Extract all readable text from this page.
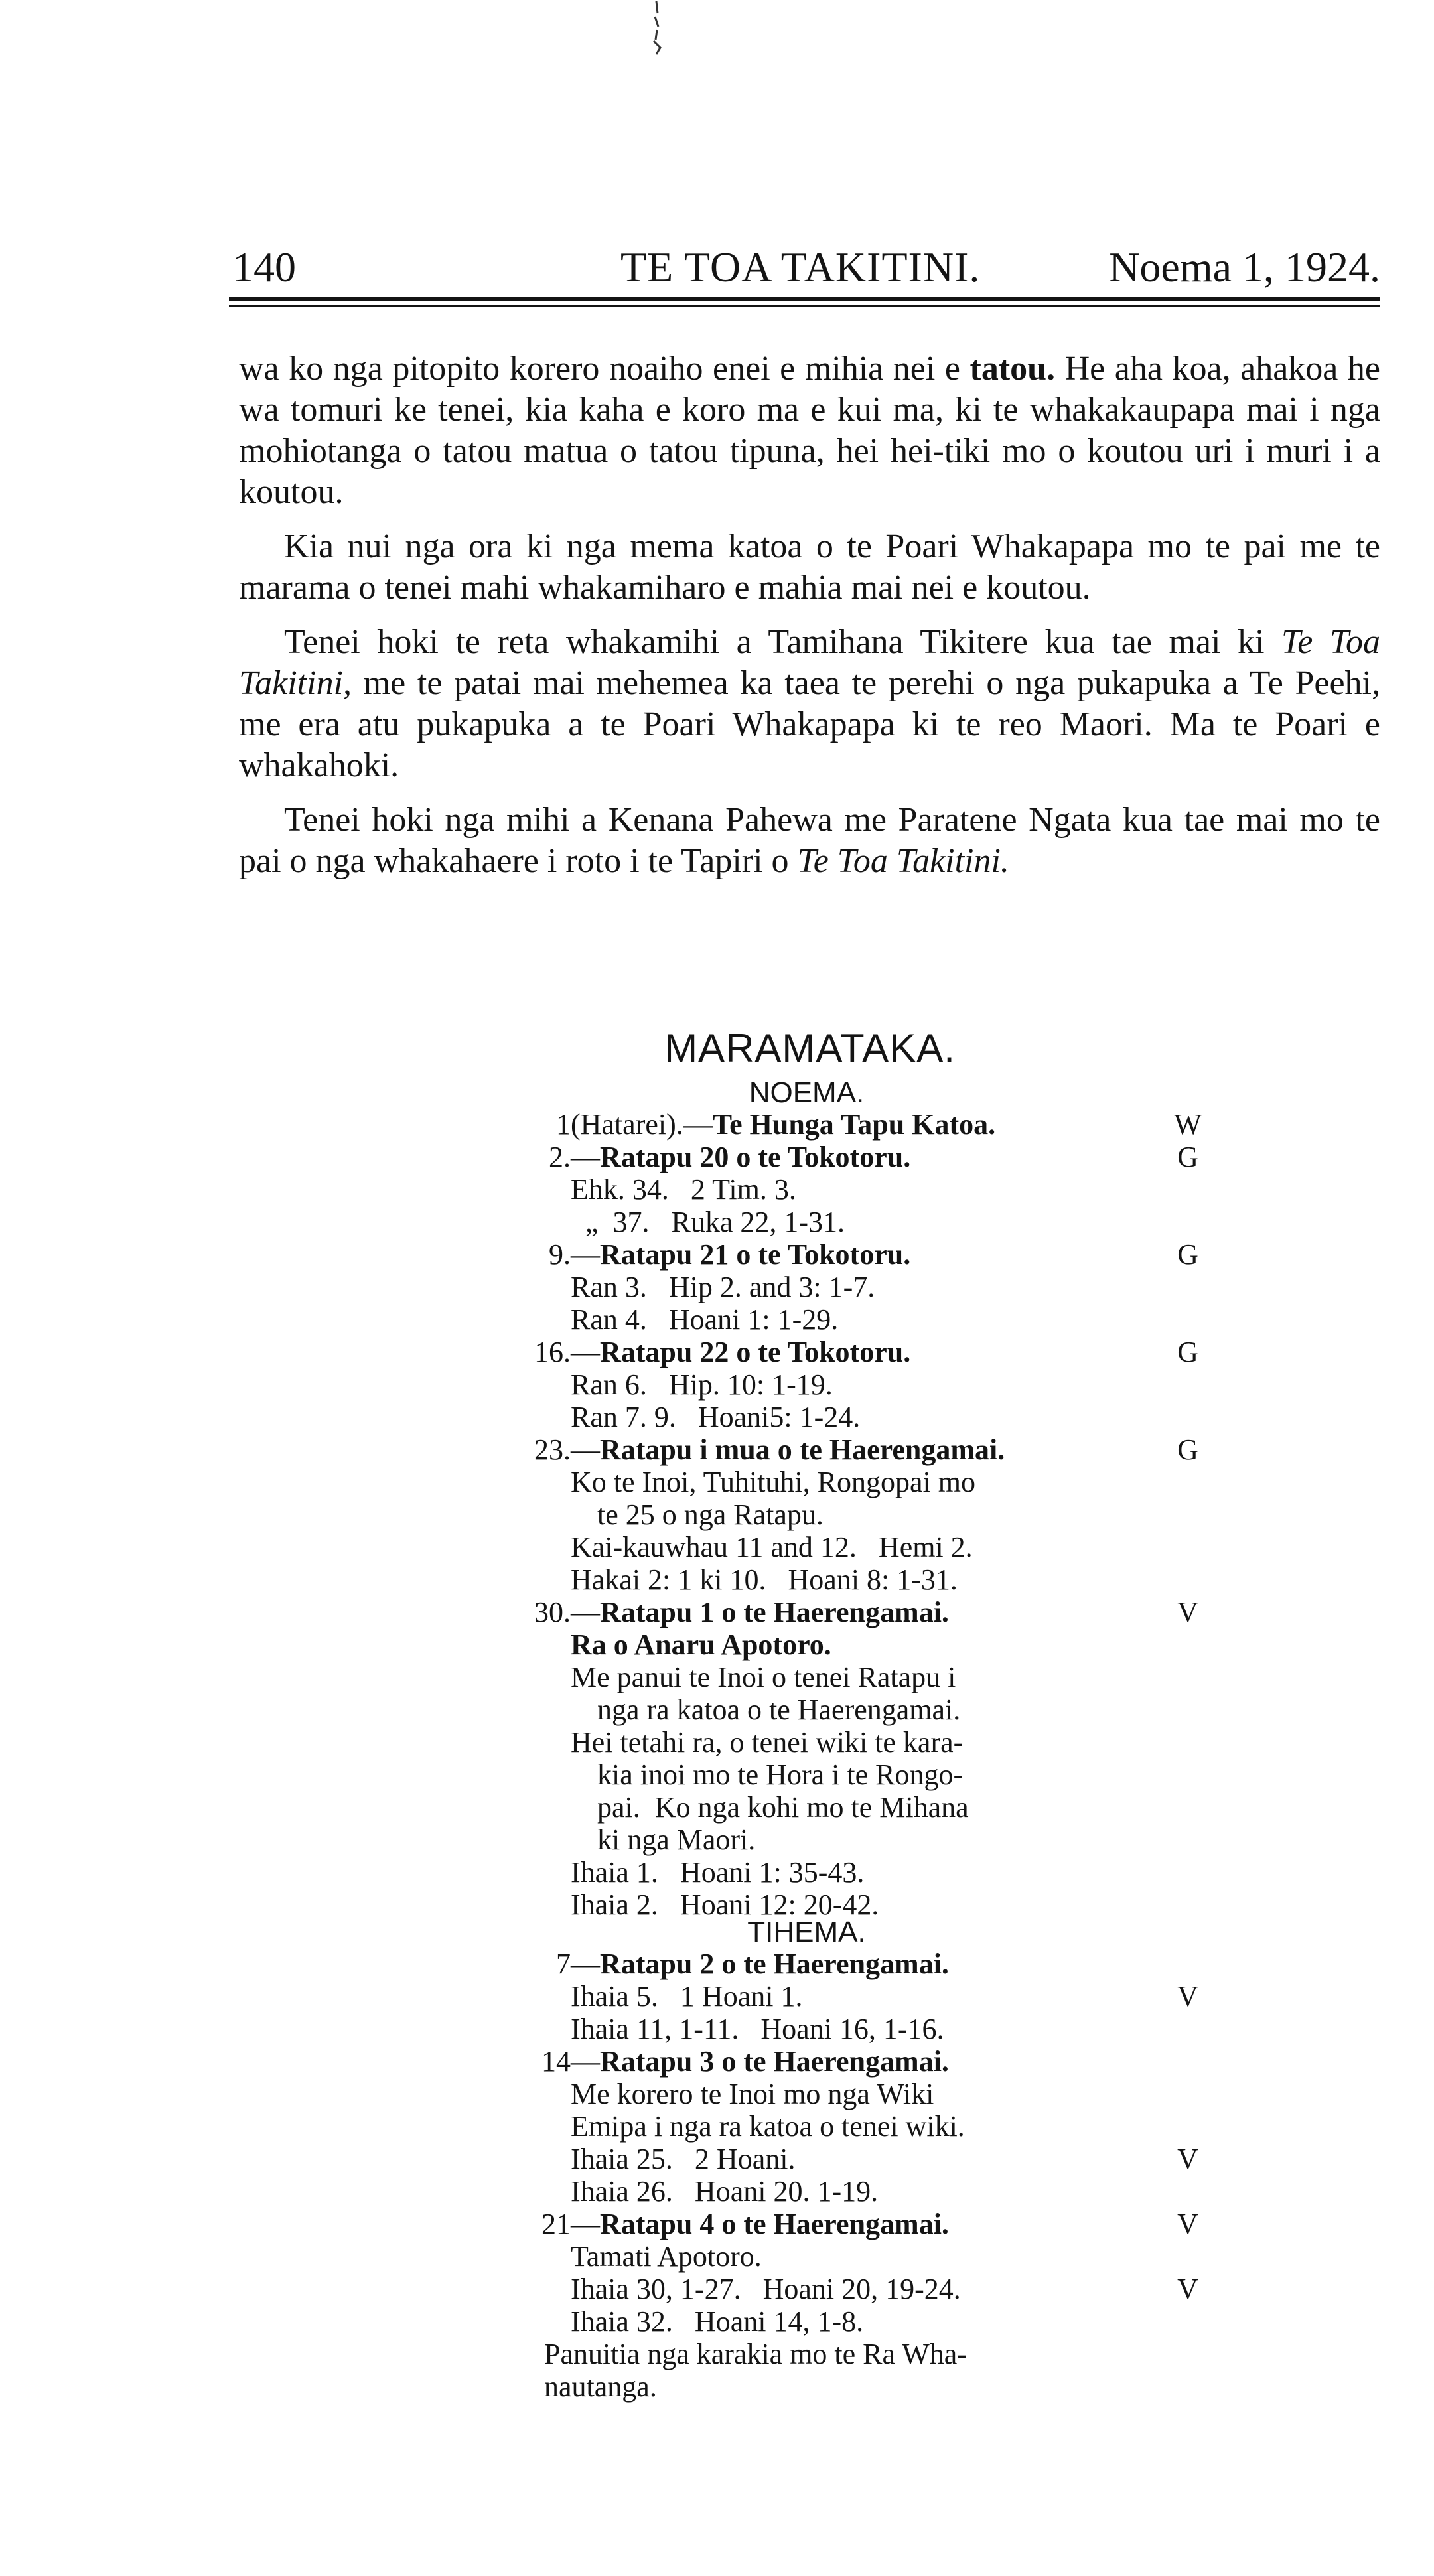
140	TE TOA TAKITINI.	Noema 1, 1924.

wa ko nga pitopito korero noaiho enei e mihia nei e tatou. He aha koa, ahakoa he wa tomuri ke tenei, kia kaha e koro ma e kui ma, ki te whakakaupapa mai i nga mohiotanga o tatou matua o tatou tipuna, hei hei-tiki mo o koutou uri i muri i a koutou.

Kia nui nga ora ki nga mema katoa o te Poari Whakapapa mo te pai me te marama o tenei mahi whakamiharo e mahia mai nei e koutou.

Tenei hoki te reta whakamihi a Tamihana Tikitere kua tae mai ki Te Toa Takitini, me te patai mai mehemea ka taea te perehi o nga pukapuka a Te Peehi, me era atu pukapuka a te Poari Whakapapa ki te reo Maori. Ma te Poari e whakahoki.

Tenei hoki nga mihi a Kenana Pahewa me Paratene Ngata kua tae mai mo te pai o nga whakahaere i roto i te Tapiri o Te Toa Takitini.

MARAMATAKA.
NOEMA.
1 (Hatarei).—Te Hunga Tapu Katoa.	W
2. —Ratapu 20 o te Tokotoru.	G
Ehk. 34.   2 Tim. 3.
„  37.   Ruka 22, 1-31.
9. —Ratapu 21 o te Tokotoru.	G
Ran 3.   Hip 2. and 3: 1-7.
Ran 4.   Hoani 1: 1-29.
16. —Ratapu 22 o te Tokotoru.	G
Ran 6.   Hip. 10: 1-19.
Ran 7. 9.   Hoani5: 1-24.
23. —Ratapu i mua o te Haerengamai.	G
Ko te Inoi, Tuhituhi, Rongopai mo
te 25 o nga Ratapu.
Kai-kauwhau 11 and 12.   Hemi 2.
Hakai 2: 1 ki 10.   Hoani 8: 1-31.
30. —Ratapu 1 o te Haerengamai.	V
Ra o Anaru Apotoro.
Me panui te Inoi o tenei Ratapu i
nga ra katoa o te Haerengamai.
Hei tetahi ra, o tenei wiki te kara-
kia inoi mo te Hora i te Rongo-
pai.  Ko nga kohi mo te Mihana
ki nga Maori.
Ihaia 1.   Hoani 1: 35-43.
Ihaia 2.   Hoani 12: 20-42.
TIHEMA.
7 —Ratapu 2 o te Haerengamai.
Ihaia 5.   1 Hoani 1.	V
Ihaia 11, 1-11.   Hoani 16, 1-16.
14 —Ratapu 3 o te Haerengamai.
Me korero te Inoi mo nga Wiki
Emipa i nga ra katoa o tenei wiki.
Ihaia 25.   2 Hoani.	V
Ihaia 26.   Hoani 20. 1-19.
21 —Ratapu 4 o te Haerengamai.	V
Tamati Apotoro.
Ihaia 30, 1-27.   Hoani 20, 19-24.	V
Ihaia 32.   Hoani 14, 1-8.
Panuitia nga karakia mo te Ra Wha-
nautanga.
